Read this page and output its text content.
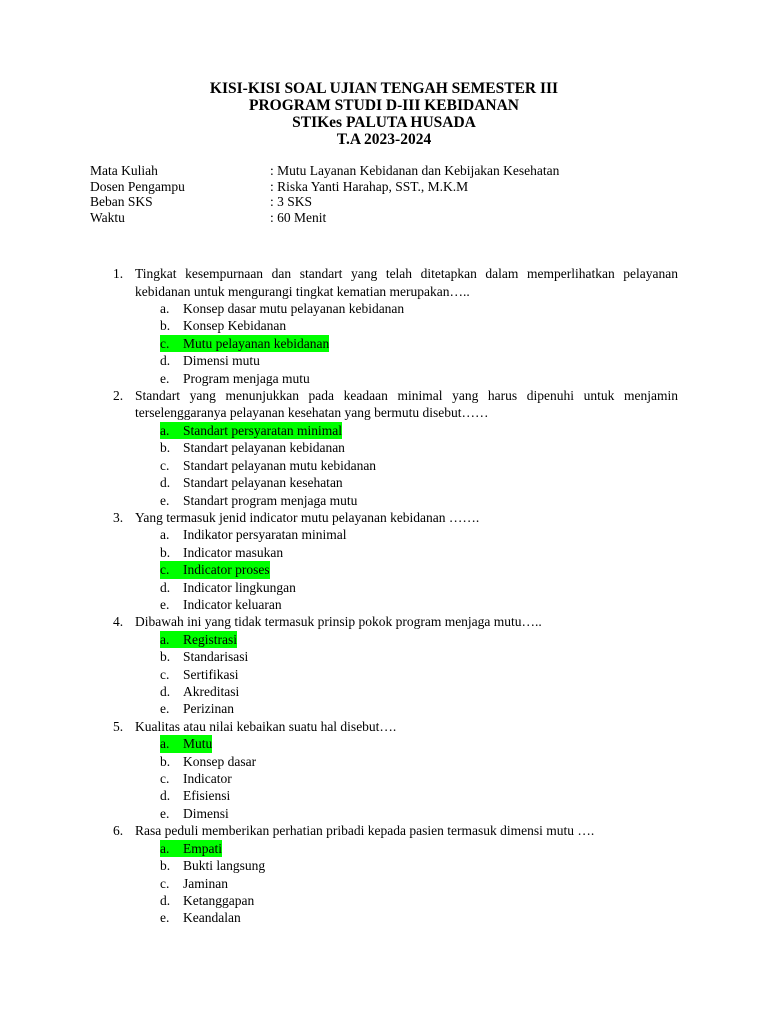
KISI-KISI SOAL UJIAN TENGAH SEMESTER III
PROGRAM STUDI D-III KEBIDANAN
STIKes PALUTA HUSADA
T.A 2023-2024
Mata Kuliah	: Mutu Layanan Kebidanan dan Kebijakan Kesehatan
Dosen Pengampu	: Riska Yanti Harahap, SST., M.K.M
Beban SKS	: 3 SKS
Waktu	: 60 Menit
1. Tingkat kesempurnaan dan standart yang telah ditetapkan dalam memperlihatkan pelayanan kebidanan untuk mengurangi tingkat kematian merupakan…..
a.	Konsep dasar mutu pelayanan kebidanan
b. Konsep Kebidanan
c.	Mutu pelayanan kebidanan
d. Dimensi mutu
e.	Program menjaga mutu
2. Standart yang menunjukkan pada keadaan minimal yang harus dipenuhi untuk menjamin terselenggaranya pelayanan kesehatan yang bermutu disebut……
a.	Standart persyaratan minimal
b. Standart pelayanan kebidanan
c.	Standart pelayanan mutu kebidanan
d. Standart pelayanan kesehatan
e.	Standart program menjaga mutu
3. Yang termasuk jenid indicator mutu pelayanan kebidanan …….
a.	Indikator persyaratan minimal
b. Indicator masukan
c.	Indicator proses
d. Indicator lingkungan
e.	Indicator keluaran
4. Dibawah ini yang tidak termasuk prinsip pokok program menjaga mutu…..
a.	Registrasi
b. Standarisasi
c.	Sertifikasi
d. Akreditasi
e.	Perizinan
5. Kualitas atau nilai kebaikan suatu hal disebut….
a.	Mutu
b. Konsep dasar
c.	Indicator
d. Efisiensi
e.	Dimensi
6. Rasa peduli memberikan perhatian pribadi kepada pasien termasuk dimensi mutu ….
a.	Empati
b. Bukti langsung
c.	Jaminan
d. Ketanggapan
e.	Keandalan
